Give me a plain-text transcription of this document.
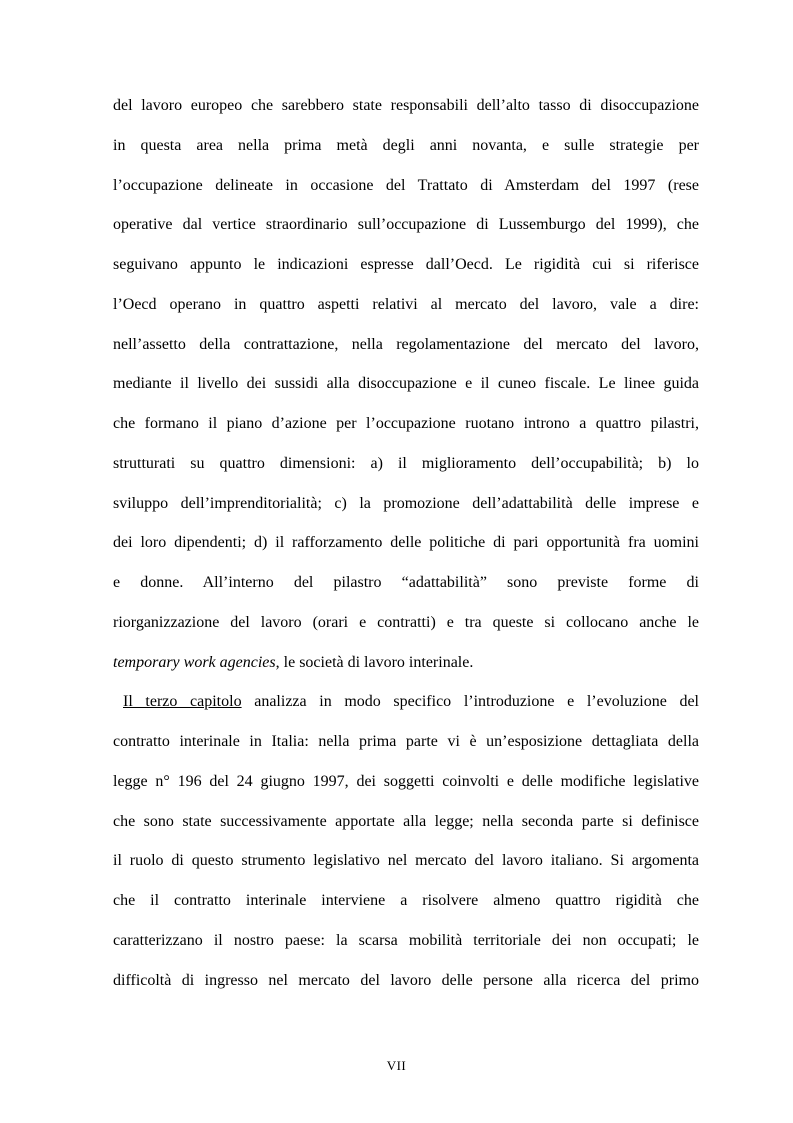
del lavoro europeo che sarebbero state responsabili dell’alto tasso di disoccupazione
in questa area nella prima metà degli anni novanta, e sulle strategie per
l’occupazione delineate in occasione del Trattato di Amsterdam del 1997 (rese
operative dal vertice straordinario sull’occupazione di Lussemburgo del 1999), che
seguivano appunto le indicazioni espresse dall’Oecd. Le rigidità cui si riferisce
l’Oecd operano in quattro aspetti relativi al mercato del lavoro, vale a dire:
nell’assetto della contrattazione, nella regolamentazione del mercato del lavoro,
mediante il livello dei sussidi alla disoccupazione e il cuneo fiscale. Le linee guida
che formano il piano d’azione per l’occupazione ruotano introno a quattro pilastri,
strutturati su quattro dimensioni: a) il miglioramento dell’occupabilità; b) lo
sviluppo dell’imprenditorialità; c) la promozione dell’adattabilità delle imprese e
dei loro dipendenti; d) il rafforzamento delle politiche di pari opportunità fra uomini
e donne. All’interno del pilastro “adattabilità” sono previste forme di
riorganizzazione del lavoro (orari e contratti) e tra queste si collocano anche le
temporary work agencies, le società di lavoro interinale.
Il terzo capitolo analizza in modo specifico l’introduzione e l’evoluzione del
contratto interinale in Italia: nella prima parte vi è un’esposizione dettagliata della
legge n° 196 del 24 giugno 1997, dei soggetti coinvolti e delle modifiche legislative
che sono state successivamente apportate alla legge; nella seconda parte si definisce
il ruolo di questo strumento legislativo nel mercato del lavoro italiano. Si argomenta
che il contratto interinale interviene a risolvere almeno quattro rigidità che
caratterizzano il nostro paese: la scarsa mobilità territoriale dei non occupati; le
difficoltà di ingresso nel mercato del lavoro delle persone alla ricerca del primo
VII
